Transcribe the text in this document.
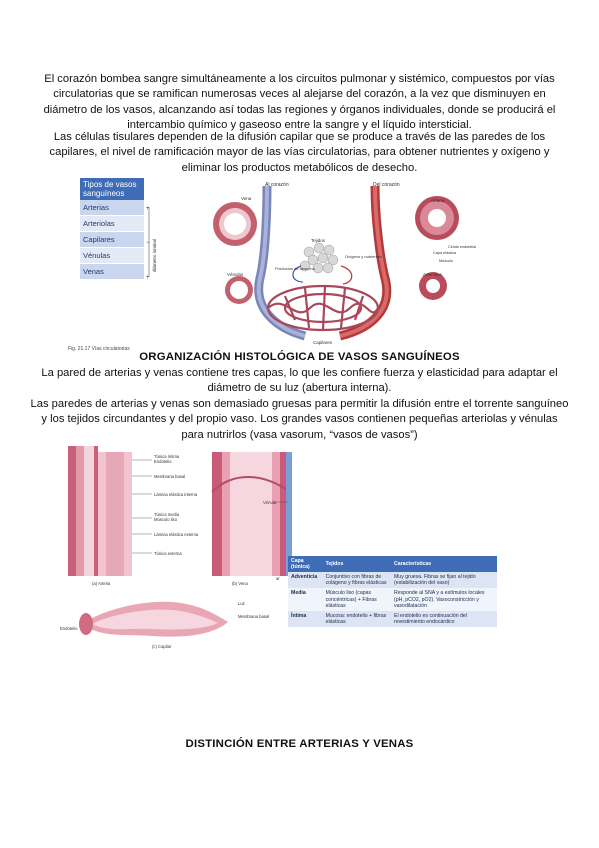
El corazón bombea sangre simultáneamente a los circuitos pulmonar y sistémico, compuestos por vías circulatorias que se ramifican numerosas veces al alejarse del corazón, a la vez que disminuyen en diámetro de los vasos, alcanzando así todas las regiones y órganos individuales, donde se producirá el intercambio químico y gaseoso entre la sangre y el líquido intersticial.
Las células tisulares dependen de la difusión capilar que se produce a través de las paredes de los capilares, el nivel de ramificación mayor de las vías circulatorias, para obtener nutrientes y oxígeno y eliminar los productos metabólicos de desecho.
Tipos de vasos sanguíneos
Arterias
Arteriolas
Capilares
Vénulas
Venas
+
−
+
diámetro luminal
Al corazón	Del corazón
Vena	Arteria
Tejidos
Oxígeno y nutrientes
Productos de desecho
Vénulas	Arteriolas
Capilares
Célula endotelial
Capa elástica
Músculo
Fig. 21.17 Vías circulatorias
ORGANIZACIÓN HISTOLÓGICA DE VASOS SANGUÍNEOS
La pared de arterias y venas contiene tres capas, lo que les confiere fuerza y elasticidad para adaptar el diámetro de su luz (abertura interna).
Las paredes de arterias y venas son demasiado gruesas para permitir la difusión entre el torrente sanguíneo y los tejidos circundantes y del propio vaso. Los grandes vasos contienen pequeñas arteriolas y vénulas para nutrirlos (vasa vasorum, “vasos de vasos”)
Túnica íntima
Endotelio
Membrana basal
Lámina elástica interna
Túnica media
Músculo liso
Lámina elástica externa
Túnica externa
Vénula
(a) Arteria	(b) Vena
Endotelio
Luz
Membrana basal
(c) Capilar
ar
Capa (túnica)	Tejidos	Características
Adventicia	Conjuntivo con fibras de colágeno y fibras elásticas	Muy gruesa. Fibras se fijan al tejido (estabilización del vaso)
Media	Músculo liso (capas concéntricas) + Fibras elásticas	Responde al SNA y a estímulos locales (pH, pCO2, pO2). Vasoconstricción y vasodilatación
Íntima	Mucosa: endotelio + fibras elásticas	El endotelio es continuación del revestimiento endocárdico
DISTINCIÓN ENTRE ARTERIAS Y VENAS
